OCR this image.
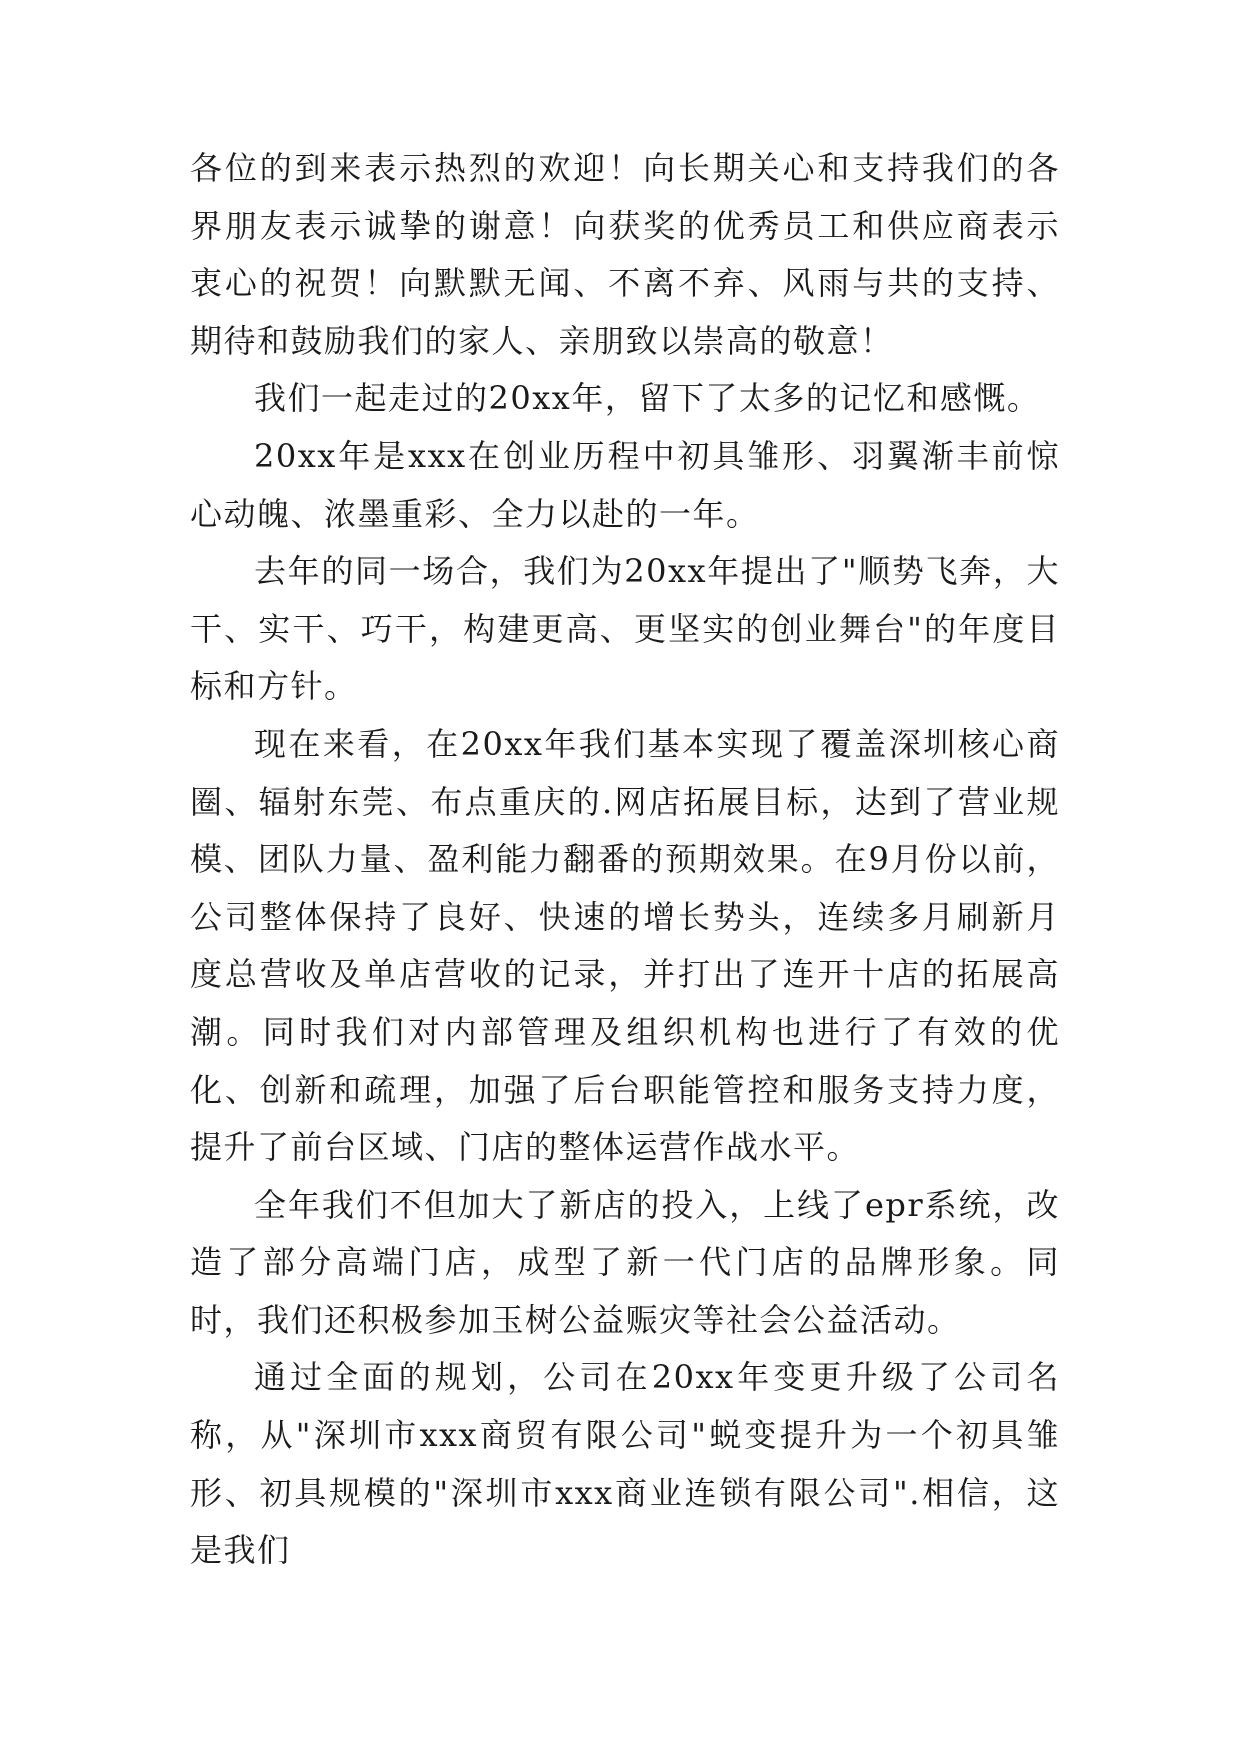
各位的到来表示热烈的欢迎！向长期关心和支持我们的各界朋友表示诚挚的谢意！向获奖的优秀员工和供应商表示衷心的祝贺！向默默无闻、不离不弃、风雨与共的支持、期待和鼓励我们的家人、亲朋致以崇高的敬意！

我们一起走过的20xx年，留下了太多的记忆和感慨。

20xx年是xxx在创业历程中初具雏形、羽翼渐丰前惊心动魄、浓墨重彩、全力以赴的一年。

去年的同一场合，我们为20xx年提出了"顺势飞奔，大干、实干、巧干，构建更高、更坚实的创业舞台"的年度目标和方针。

现在来看，在20xx年我们基本实现了覆盖深圳核心商圈、辐射东莞、布点重庆的.网店拓展目标，达到了营业规模、团队力量、盈利能力翻番的预期效果。在9月份以前，公司整体保持了良好、快速的增长势头，连续多月刷新月度总营收及单店营收的记录，并打出了连开十店的拓展高潮。同时我们对内部管理及组织机构也进行了有效的优化、创新和疏理，加强了后台职能管控和服务支持力度，提升了前台区域、门店的整体运营作战水平。

全年我们不但加大了新店的投入，上线了epr系统，改造了部分高端门店，成型了新一代门店的品牌形象。同时，我们还积极参加玉树公益赈灾等社会公益活动。

通过全面的规划，公司在20xx年变更升级了公司名称，从"深圳市xxx商贸有限公司"蜕变提升为一个初具雏形、初具规模的"深圳市xxx商业连锁有限公司".相信，这是我们
